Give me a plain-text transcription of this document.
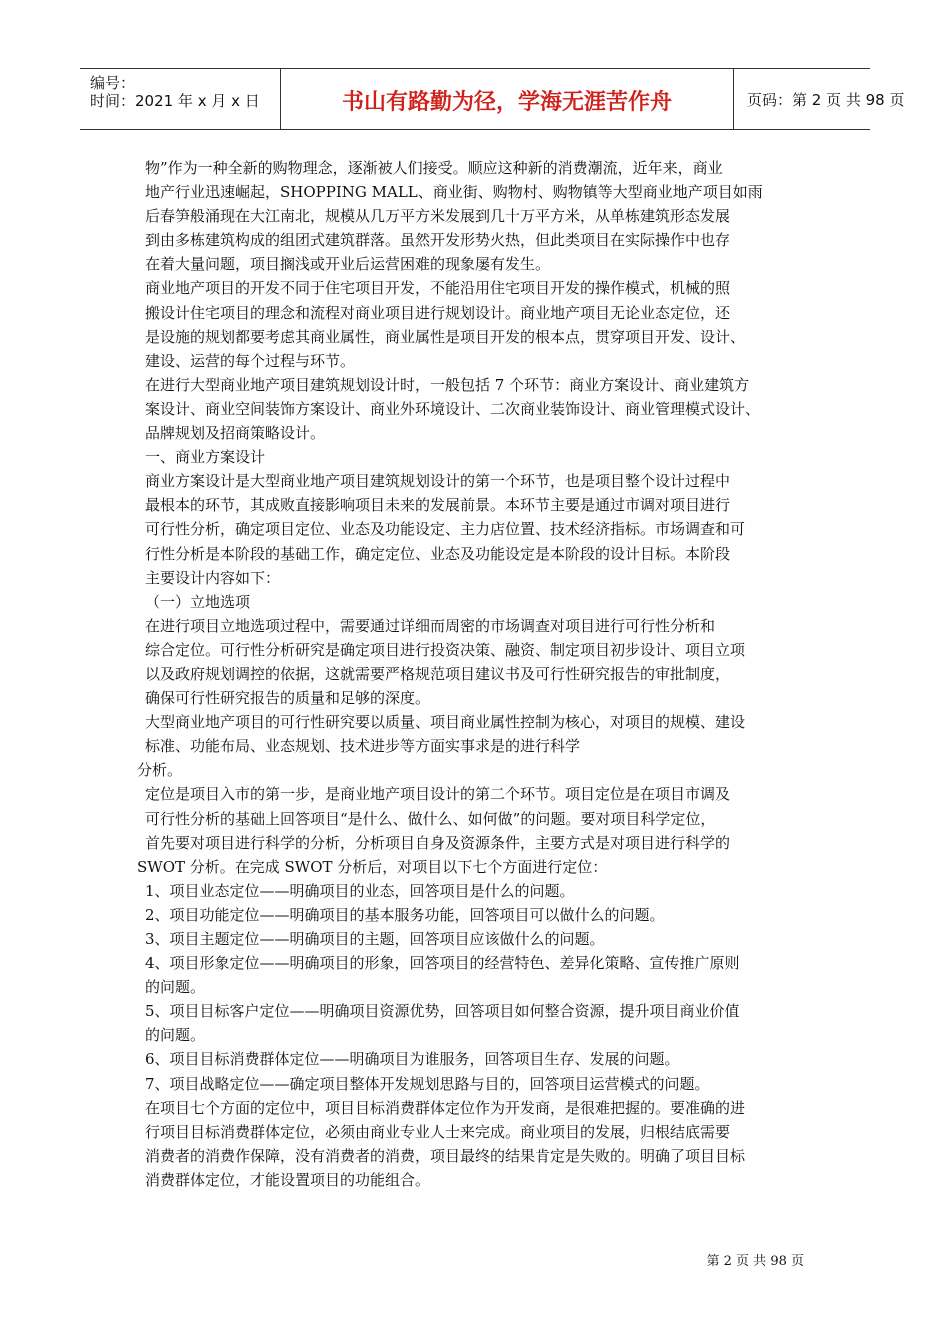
编号：
时间：2021 年 x 月 x 日	书山有路勤为径，学海无涯苦作舟	页码：第 2 页 共 98 页
物”作为一种全新的购物理念，逐渐被人们接受。顺应这种新的消费潮流，近年来，商业
地产行业迅速崛起，SHOPPING MALL、商业街、购物村、购物镇等大型商业地产项目如雨
后春笋般涌现在大江南北，规模从几万平方米发展到几十万平方米，从单栋建筑形态发展
到由多栋建筑构成的组团式建筑群落。虽然开发形势火热，但此类项目在实际操作中也存
在着大量问题，项目搁浅或开业后运营困难的现象屡有发生。
商业地产项目的开发不同于住宅项目开发，不能沿用住宅项目开发的操作模式，机械的照
搬设计住宅项目的理念和流程对商业项目进行规划设计。商业地产项目无论业态定位，还
是设施的规划都要考虑其商业属性，商业属性是项目开发的根本点，贯穿项目开发、设计、
建设、运营的每个过程与环节。
在进行大型商业地产项目建筑规划设计时，一般包括 7 个环节：商业方案设计、商业建筑方
案设计、商业空间装饰方案设计、商业外环境设计、二次商业装饰设计、商业管理模式设计、
品牌规划及招商策略设计。
一、商业方案设计
商业方案设计是大型商业地产项目建筑规划设计的第一个环节，也是项目整个设计过程中
最根本的环节，其成败直接影响项目未来的发展前景。本环节主要是通过市调对项目进行
可行性分析，确定项目定位、业态及功能设定、主力店位置、技术经济指标。市场调查和可
行性分析是本阶段的基础工作，确定定位、业态及功能设定是本阶段的设计目标。本阶段
主要设计内容如下：
（一）立地选项
在进行项目立地选项过程中，需要通过详细而周密的市场调查对项目进行可行性分析和
综合定位。可行性分析研究是确定项目进行投资决策、融资、制定项目初步设计、项目立项
以及政府规划调控的依据，这就需要严格规范项目建议书及可行性研究报告的审批制度，
确保可行性研究报告的质量和足够的深度。
大型商业地产项目的可行性研究要以质量、项目商业属性控制为核心，对项目的规模、建设
标准、功能布局、业态规划、技术进步等方面实事求是的进行科学
分析。
定位是项目入市的第一步，是商业地产项目设计的第二个环节。项目定位是在项目市调及
可行性分析的基础上回答项目“是什么、做什么、如何做”的问题。要对项目科学定位，
首先要对项目进行科学的分析，分析项目自身及资源条件，主要方式是对项目进行科学的
SWOT 分析。在完成 SWOT 分析后，对项目以下七个方面进行定位：
1、项目业态定位——明确项目的业态，回答项目是什么的问题。
2、项目功能定位——明确项目的基本服务功能，回答项目可以做什么的问题。
3、项目主题定位——明确项目的主题，回答项目应该做什么的问题。
4、项目形象定位——明确项目的形象，回答项目的经营特色、差异化策略、宣传推广原则
的问题。
5、项目目标客户定位——明确项目资源优势，回答项目如何整合资源，提升项目商业价值
的问题。
6、项目目标消费群体定位——明确项目为谁服务，回答项目生存、发展的问题。
7、项目战略定位——确定项目整体开发规划思路与目的，回答项目运营模式的问题。
在项目七个方面的定位中，项目目标消费群体定位作为开发商，是很难把握的。要准确的进
行项目目标消费群体定位，必须由商业专业人士来完成。商业项目的发展，归根结底需要
消费者的消费作保障，没有消费者的消费，项目最终的结果肯定是失败的。明确了项目目标
消费群体定位，才能设置项目的功能组合。
第 2 页 共 98 页
